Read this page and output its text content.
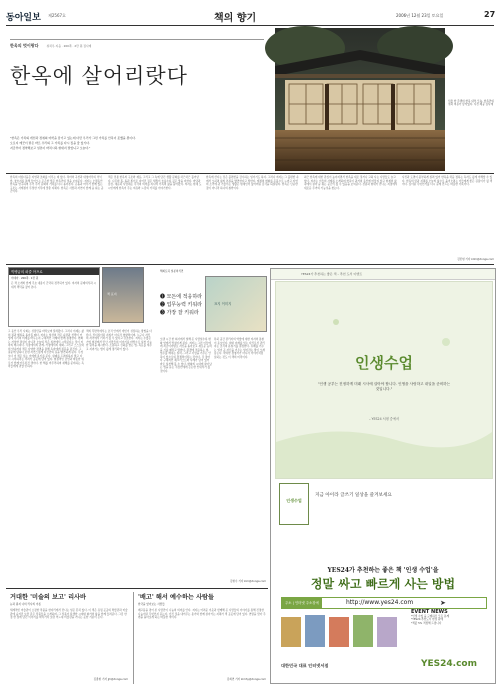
동아일보 제2567호	책의 향기	2006년 12월 23일 토요일	27
한옥의 멋이랑다	위치우 지음 · 200쪽 · 2만 원·집사재
한옥에 살어리랏다
"한옥은 기치의 개선과 정취의 미학을 담기고 있는데 다만 우리가 그런 가치를 안목이 못했을 뿐이다.
오로지 깨끗이 맑은 바르 우리의 그 가치를 다시 짚을 줄 있기다.
지금부터 정착해보고 일본이 바치시하 현대지 말았니고 오늘다."
서울 한 주택의 한옥 내부 모습. 한옥만의 멋과 여유가 담겨있다. 사진 제공 집사재
한옥의 아름다움은 자연과 조화를 이루는 데 있다. 처마의 곡선과 대청마루의 넉넉함, 창호지를 통해 들어오는 은은한 빛은 한옥만의 멋을 보여준다. 저자는 오랫동안 한옥을 연구하며 우리 주거 문화의 가치를 다시 돌아본다. 온돌과 마루가 함께 있는 구조는 사계절이 뚜렷한 기후에 맞춘 지혜다. 한옥은 사람과 자연이 함께 숨 쉬는 공간이다.
책은 전통 한옥의 구조와 재료, 그리고 그 속에 담긴 생활 문화를 차근차근 풀어낸다. 나무와 흙, 돌과 종이로 지어진 집은 세월이 흐를수록 깊은 맛을 더한다. 마당과 담장, 대문과 사랑채는 각각의 의미를 지니며 가족의 삶을 품어왔다. 저자는 현대 도시인에게 한옥이 주는 여유와 느림의 가치를 이야기한다.
한옥에 산다는 것은 불편함을 감수하는 일이기도 하다. 그러나 저자는 그 불편함 속에서 오히려 삶의 본질을 발견한다고 말한다. 계절의 변화를 온몸으로 느끼고 자연의 소리에 귀 기울이는 생활은 현대인이 잃어버린 감각을 되살린다. 한옥은 단순한 집이 아니라 하나의 철학이다.
최근 한옥에 대한 관심이 높아지면서 한옥을 새로 짓거나 고쳐 사는 사람들도 늘고 있다. 저자는 이들의 사례를 소개하며 한옥이 과거의 유산에 머물지 않고 현재의 삶 속에서 살아 숨 쉬는 공간이 될 수 있음을 보여준다. 전통과 현대가 만나는 지점에서 새로운 주거의 가능성을 찾는다.
사진과 도면이 풍부하게 실려 있어 한옥을 처음 접하는 독자도 쉽게 이해할 수 있다. 한옥의 멋과 지혜를 오늘의 삶으로 옮겨오려는 이들에게 좋은 길잡이가 될 책이다. 집이란 무엇인가를 다시 묻게 만드는 따뜻한 기록이다.
김민현 기자 kdm@donga.com
빅뱅급의 퍼즐 아프로
이데아 · 200쪽 · 1만 원
은 책 소개와 함께 주요 내용이 간략히 정리되어 있다. 저자의 문제의식과 시대적 맥락을 짚어 본다.
책 표지
그 동안 우리 사회는 성장만을 바라보며 달려왔다. 그러나 이제는 삶의 질과 행복을 돌아볼 때다. 저자는 일상의 작은 습관과 선택이 어떻게 우리의 미래를 바꾸는지 구체적인 사례와 함께 설명한다. 변화는 거창한 결심이 아니라 오늘의 작은 실천에서 시작된다는 것이 저자의 메시지다. 직장에서의 관계, 가정에서의 대화, 그리고 스스로와의 약속까지 책은 다양한 장면을 통해 독자에게 질문을 던진다. 그 질문에 답하다 보면 자연스럽게 자신만의 길을 발견하게 된다. 무엇보다 이 책은 읽는 이에게 용기를 준다. 실패를 두려워하지 말고 다시 시작하라는 격려가 곳곳에 담겨 있다. 현실적인 조언과 따뜻한 위로가 함께 어우러진 책이다. 한 해를 마무리하며 새해를 준비하는 독자들에게 권할 만하다.
책의 후반부에서는 조직 안에서 개인이 성장하는 방법을 다룬다. 리더십이란 지위가 아니라 영향력이며, 누구나 자신의 자리에서 리더가 될 수 있다고 강조한다. 저자는 수많은 기업 현장에서 만난 사람들의 이야기를 바탕으로 실천 가능한 원칙을 제시한다. 소통하고 신뢰를 쌓는 법, 목표를 세우고 지켜가는 법이 쉽게 정리되어 있다.
해외토픽 일분의식견
표지 이미지
❶ 모든에 적응하라
❷ 업무능력 키워라
❸ 가장 잘 키워라
오랜 시간 한 회사에서 일해 온 사람일수록 변화 앞에서 망설이게 된다. 저자는 그런 이들에게 지금이야말로 자신을 돌아보고 새로운 능력을 기를 때라고 말한다. 환경에 적응하는 힘, 업무를 해내는 실력, 그리고 사람을 키우는 안목이 앞으로의 경쟁력이라는 것이다. 각 장마다 구체적인 체크리스트와 사례가 담겨 있어 바로 실천해 볼 수 있다. 변화의 시대에 살아남는 법을 묻는 직장인에게 든든한 안내서가 될 것이다.
특히 중간 관리자의 역할에 대한 저자의 통찰이 돋보인다. 위와 아래를 잇는 다리로서 관리자는 조직의 분위기를 결정한다. 후배를 키우는 일이 곧 자신을 키우는 일이라는 말이 오래 남는다. 딱딱한 경영서가 아니라 이야기처럼 읽히는 것도 이 책의 미덕이다.
김현수 기자 kim@donga.com
YES24가 추천하는 좋은 책 – 추천 도서 이벤트
인생수업
"인생 공부는 진정하게 미래 시사에 살아야 합니다. 인생을 사랑하고 내일을 준비하는 것입니다."
– YES24 서평 중에서
인생수업
지금 아이라 글쓰기 일상을 즐겨보세요
YES24가 추천하는 좋은 책 '인생 수업'을
정말 싸고 빠르게 사는 방법
주소 | 인터넷 주소창에	http://www.yes24.com	➤
EVENT NEWS
*인생 수업 을 구매하신 모든 분께
*YES24 추천도서 한정 판매
*책값 5% 적립해 드립니다
대한민국 대표 인터넷서점	YES24.com
거대한 '미술의 보고' 리사바
눈과 뭐지 나의 리사의 이름
세계적인 미술관이 소장한 작품을 한자리에서 만나는 일은 흔치 않다. 이 책은 유럽 곳곳의 박물관과 미술관에 숨겨진 보물 같은 작품들을 소개하며, 그 작품이 탄생한 시대와 화가의 삶을 함께 들려준다. 그림 한 점 한 점에 담긴 이야기를 따라가다 보면 어느새 미술관을 거니는 듯한 기분이 든다.
김종현 기자 jjh@donga.com
'배고' 해서 예수하는 사람들
한국을 앞아보는 사람들
배고픔을 겪어 본 사람만이 나눔의 의미를 안다. 저자는 어려운 이웃과 함께해 온 사람들의 이야기를 통해 진정한 나눔이란 무엇인지 묻는다. 가진 것을 내어주는 용기와 함께 살아가는 지혜가 책 곳곳에 담겨 있다. 연말을 맞아 주변을 돌아보게 하는 따뜻한 책이다.
김희연 기자 kimhy@donga.com
